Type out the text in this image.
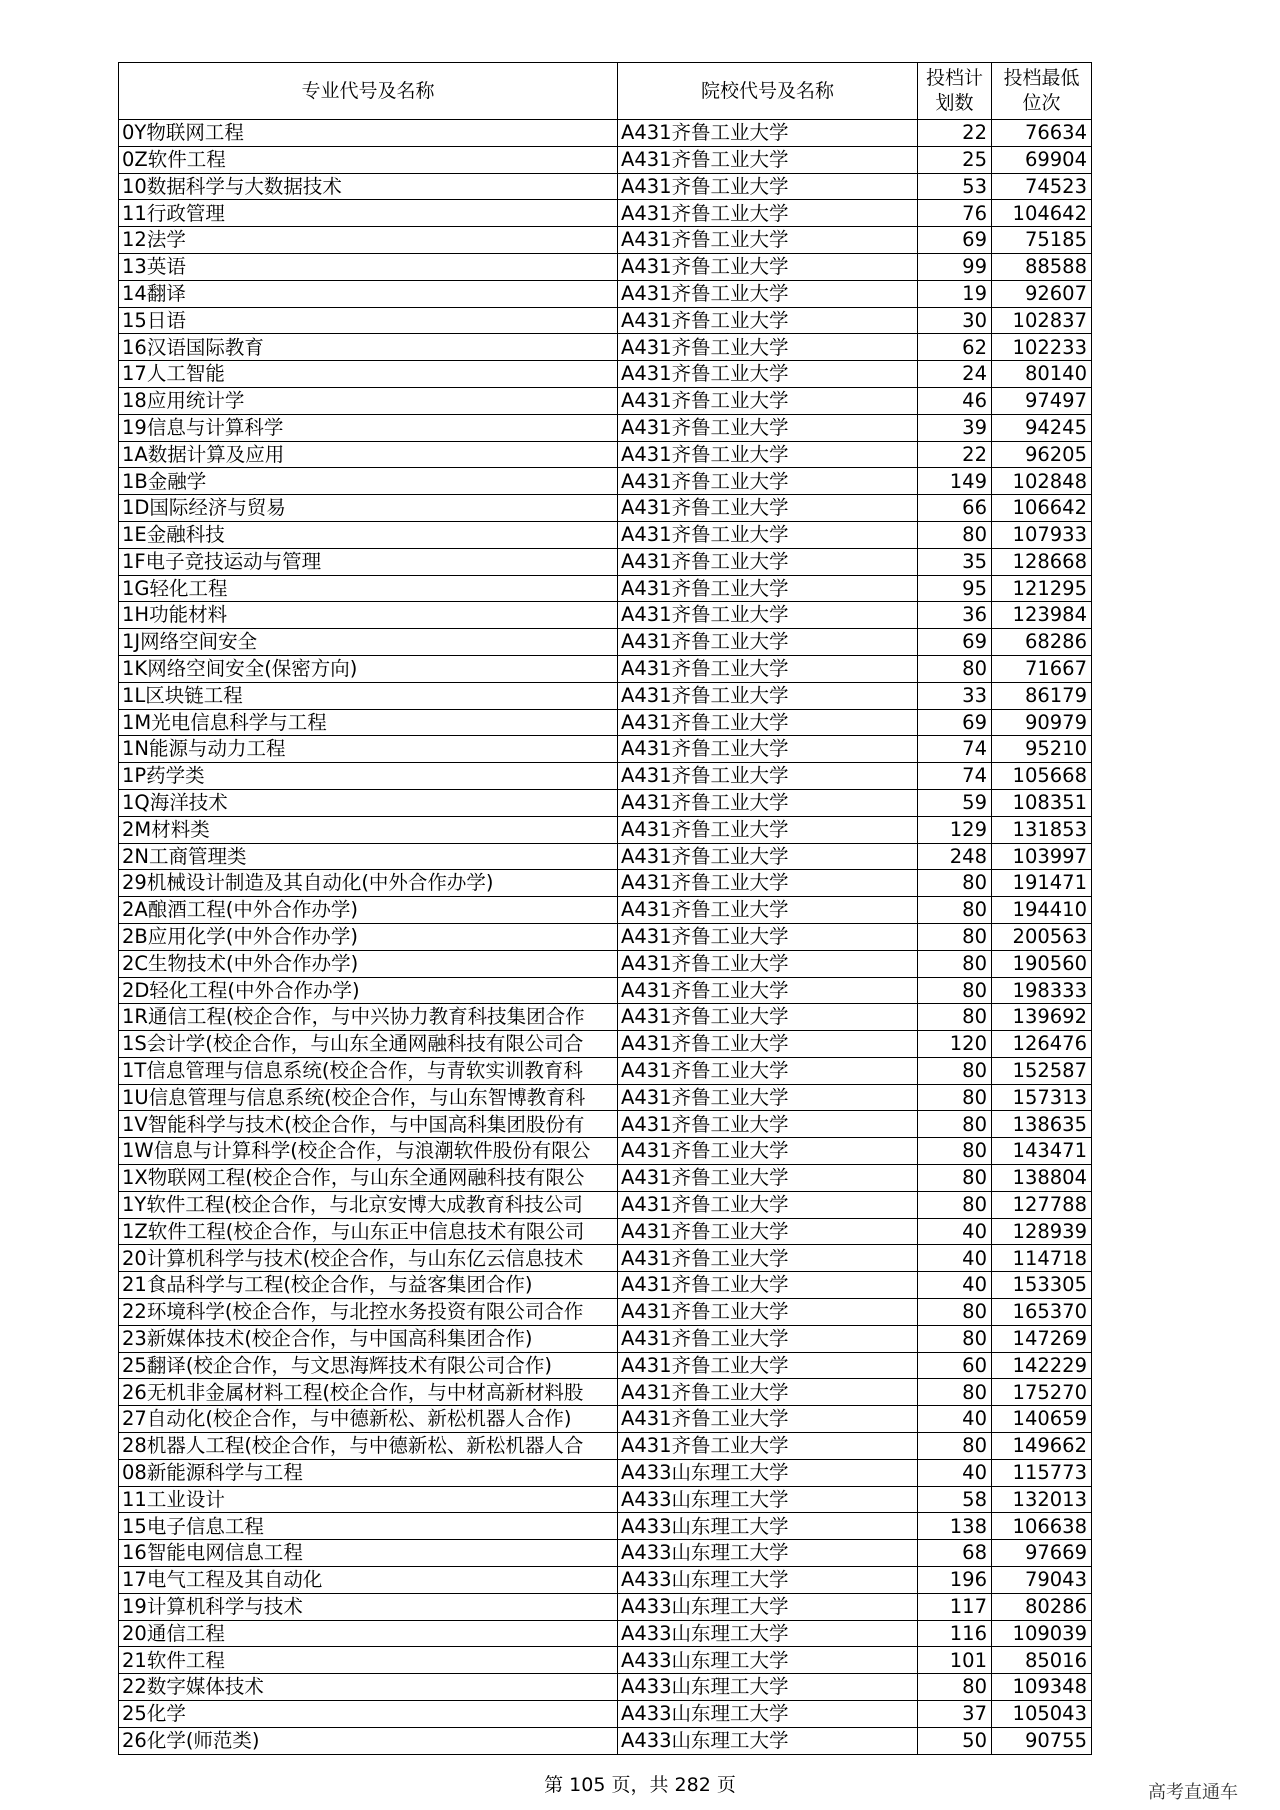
专业代号及名称	院校代号及名称	投档计
划数	投档最低
位次
0Y物联网工程	A431齐鲁工业大学	22	76634
0Z软件工程	A431齐鲁工业大学	25	69904
10数据科学与大数据技术	A431齐鲁工业大学	53	74523
11行政管理	A431齐鲁工业大学	76	104642
12法学	A431齐鲁工业大学	69	75185
13英语	A431齐鲁工业大学	99	88588
14翻译	A431齐鲁工业大学	19	92607
15日语	A431齐鲁工业大学	30	102837
16汉语国际教育	A431齐鲁工业大学	62	102233
17人工智能	A431齐鲁工业大学	24	80140
18应用统计学	A431齐鲁工业大学	46	97497
19信息与计算科学	A431齐鲁工业大学	39	94245
1A数据计算及应用	A431齐鲁工业大学	22	96205
1B金融学	A431齐鲁工业大学	149	102848
1D国际经济与贸易	A431齐鲁工业大学	66	106642
1E金融科技	A431齐鲁工业大学	80	107933
1F电子竞技运动与管理	A431齐鲁工业大学	35	128668
1G轻化工程	A431齐鲁工业大学	95	121295
1H功能材料	A431齐鲁工业大学	36	123984
1J网络空间安全	A431齐鲁工业大学	69	68286
1K网络空间安全(保密方向)	A431齐鲁工业大学	80	71667
1L区块链工程	A431齐鲁工业大学	33	86179
1M光电信息科学与工程	A431齐鲁工业大学	69	90979
1N能源与动力工程	A431齐鲁工业大学	74	95210
1P药学类	A431齐鲁工业大学	74	105668
1Q海洋技术	A431齐鲁工业大学	59	108351
2M材料类	A431齐鲁工业大学	129	131853
2N工商管理类	A431齐鲁工业大学	248	103997
29机械设计制造及其自动化(中外合作办学)	A431齐鲁工业大学	80	191471
2A酿酒工程(中外合作办学)	A431齐鲁工业大学	80	194410
2B应用化学(中外合作办学)	A431齐鲁工业大学	80	200563
2C生物技术(中外合作办学)	A431齐鲁工业大学	80	190560
2D轻化工程(中外合作办学)	A431齐鲁工业大学	80	198333
1R通信工程(校企合作，与中兴协力教育科技集团合作	A431齐鲁工业大学	80	139692
1S会计学(校企合作，与山东全通网融科技有限公司合	A431齐鲁工业大学	120	126476
1T信息管理与信息系统(校企合作，与青软实训教育科	A431齐鲁工业大学	80	152587
1U信息管理与信息系统(校企合作，与山东智博教育科	A431齐鲁工业大学	80	157313
1V智能科学与技术(校企合作，与中国高科集团股份有	A431齐鲁工业大学	80	138635
1W信息与计算科学(校企合作，与浪潮软件股份有限公	A431齐鲁工业大学	80	143471
1X物联网工程(校企合作，与山东全通网融科技有限公	A431齐鲁工业大学	80	138804
1Y软件工程(校企合作，与北京安博大成教育科技公司	A431齐鲁工业大学	80	127788
1Z软件工程(校企合作，与山东正中信息技术有限公司	A431齐鲁工业大学	40	128939
20计算机科学与技术(校企合作，与山东亿云信息技术	A431齐鲁工业大学	40	114718
21食品科学与工程(校企合作，与益客集团合作)	A431齐鲁工业大学	40	153305
22环境科学(校企合作，与北控水务投资有限公司合作	A431齐鲁工业大学	80	165370
23新媒体技术(校企合作，与中国高科集团合作)	A431齐鲁工业大学	80	147269
25翻译(校企合作，与文思海辉技术有限公司合作)	A431齐鲁工业大学	60	142229
26无机非金属材料工程(校企合作，与中材高新材料股	A431齐鲁工业大学	80	175270
27自动化(校企合作，与中德新松、新松机器人合作)	A431齐鲁工业大学	40	140659
28机器人工程(校企合作，与中德新松、新松机器人合	A431齐鲁工业大学	80	149662
08新能源科学与工程	A433山东理工大学	40	115773
11工业设计	A433山东理工大学	58	132013
15电子信息工程	A433山东理工大学	138	106638
16智能电网信息工程	A433山东理工大学	68	97669
17电气工程及其自动化	A433山东理工大学	196	79043
19计算机科学与技术	A433山东理工大学	117	80286
20通信工程	A433山东理工大学	116	109039
21软件工程	A433山东理工大学	101	85016
22数字媒体技术	A433山东理工大学	80	109348
25化学	A433山东理工大学	37	105043
26化学(师范类)	A433山东理工大学	50	90755
第 105 页，共 282 页	高考直通车
